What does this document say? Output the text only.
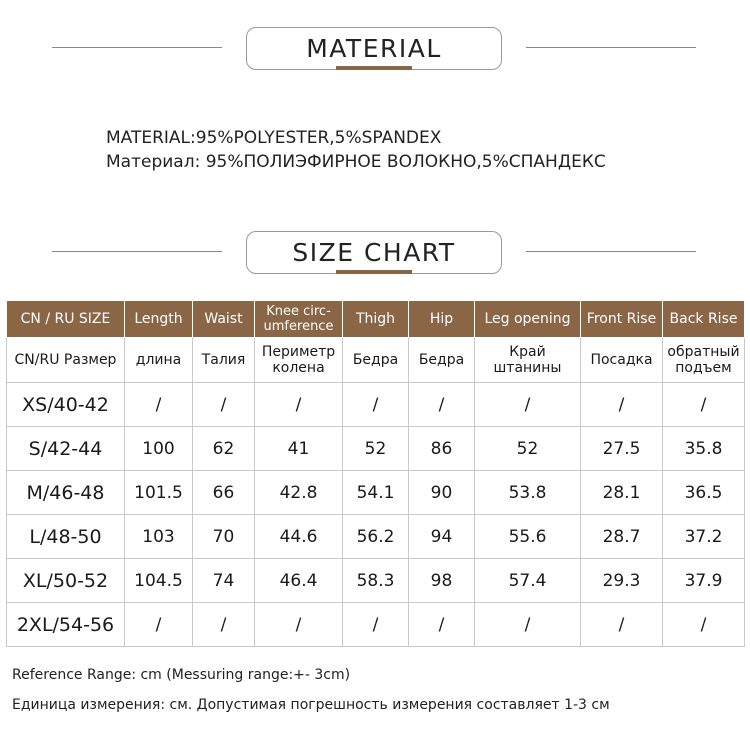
MATERIAL
MATERIAL:95%POLYESTER,5%SPANDEX
Материал: 95%ПОЛИЭФИРНОЕ ВОЛОКНО,5%СПАНДЕКС
SIZE CHART
CN / RU SIZE	Length	Waist	Knee circ-umference	Thigh	Hip	Leg opening	Front Rise	Back Rise
CN/RU Размер	длина	Талия	Периметр колена	Бедра	Бедра	Край штанины	Посадка	обратный подъем
XS/40-42	/	/	/	/	/	/	/	/
S/42-44	100	62	41	52	86	52	27.5	35.8
M/46-48	101.5	66	42.8	54.1	90	53.8	28.1	36.5
L/48-50	103	70	44.6	56.2	94	55.6	28.7	37.2
XL/50-52	104.5	74	46.4	58.3	98	57.4	29.3	37.9
2XL/54-56	/	/	/	/	/	/	/	/
Reference Range: cm (Messuring range:+- 3cm)
Единица измерения: см. Допустимая погрешность измерения составляет 1-3 см
